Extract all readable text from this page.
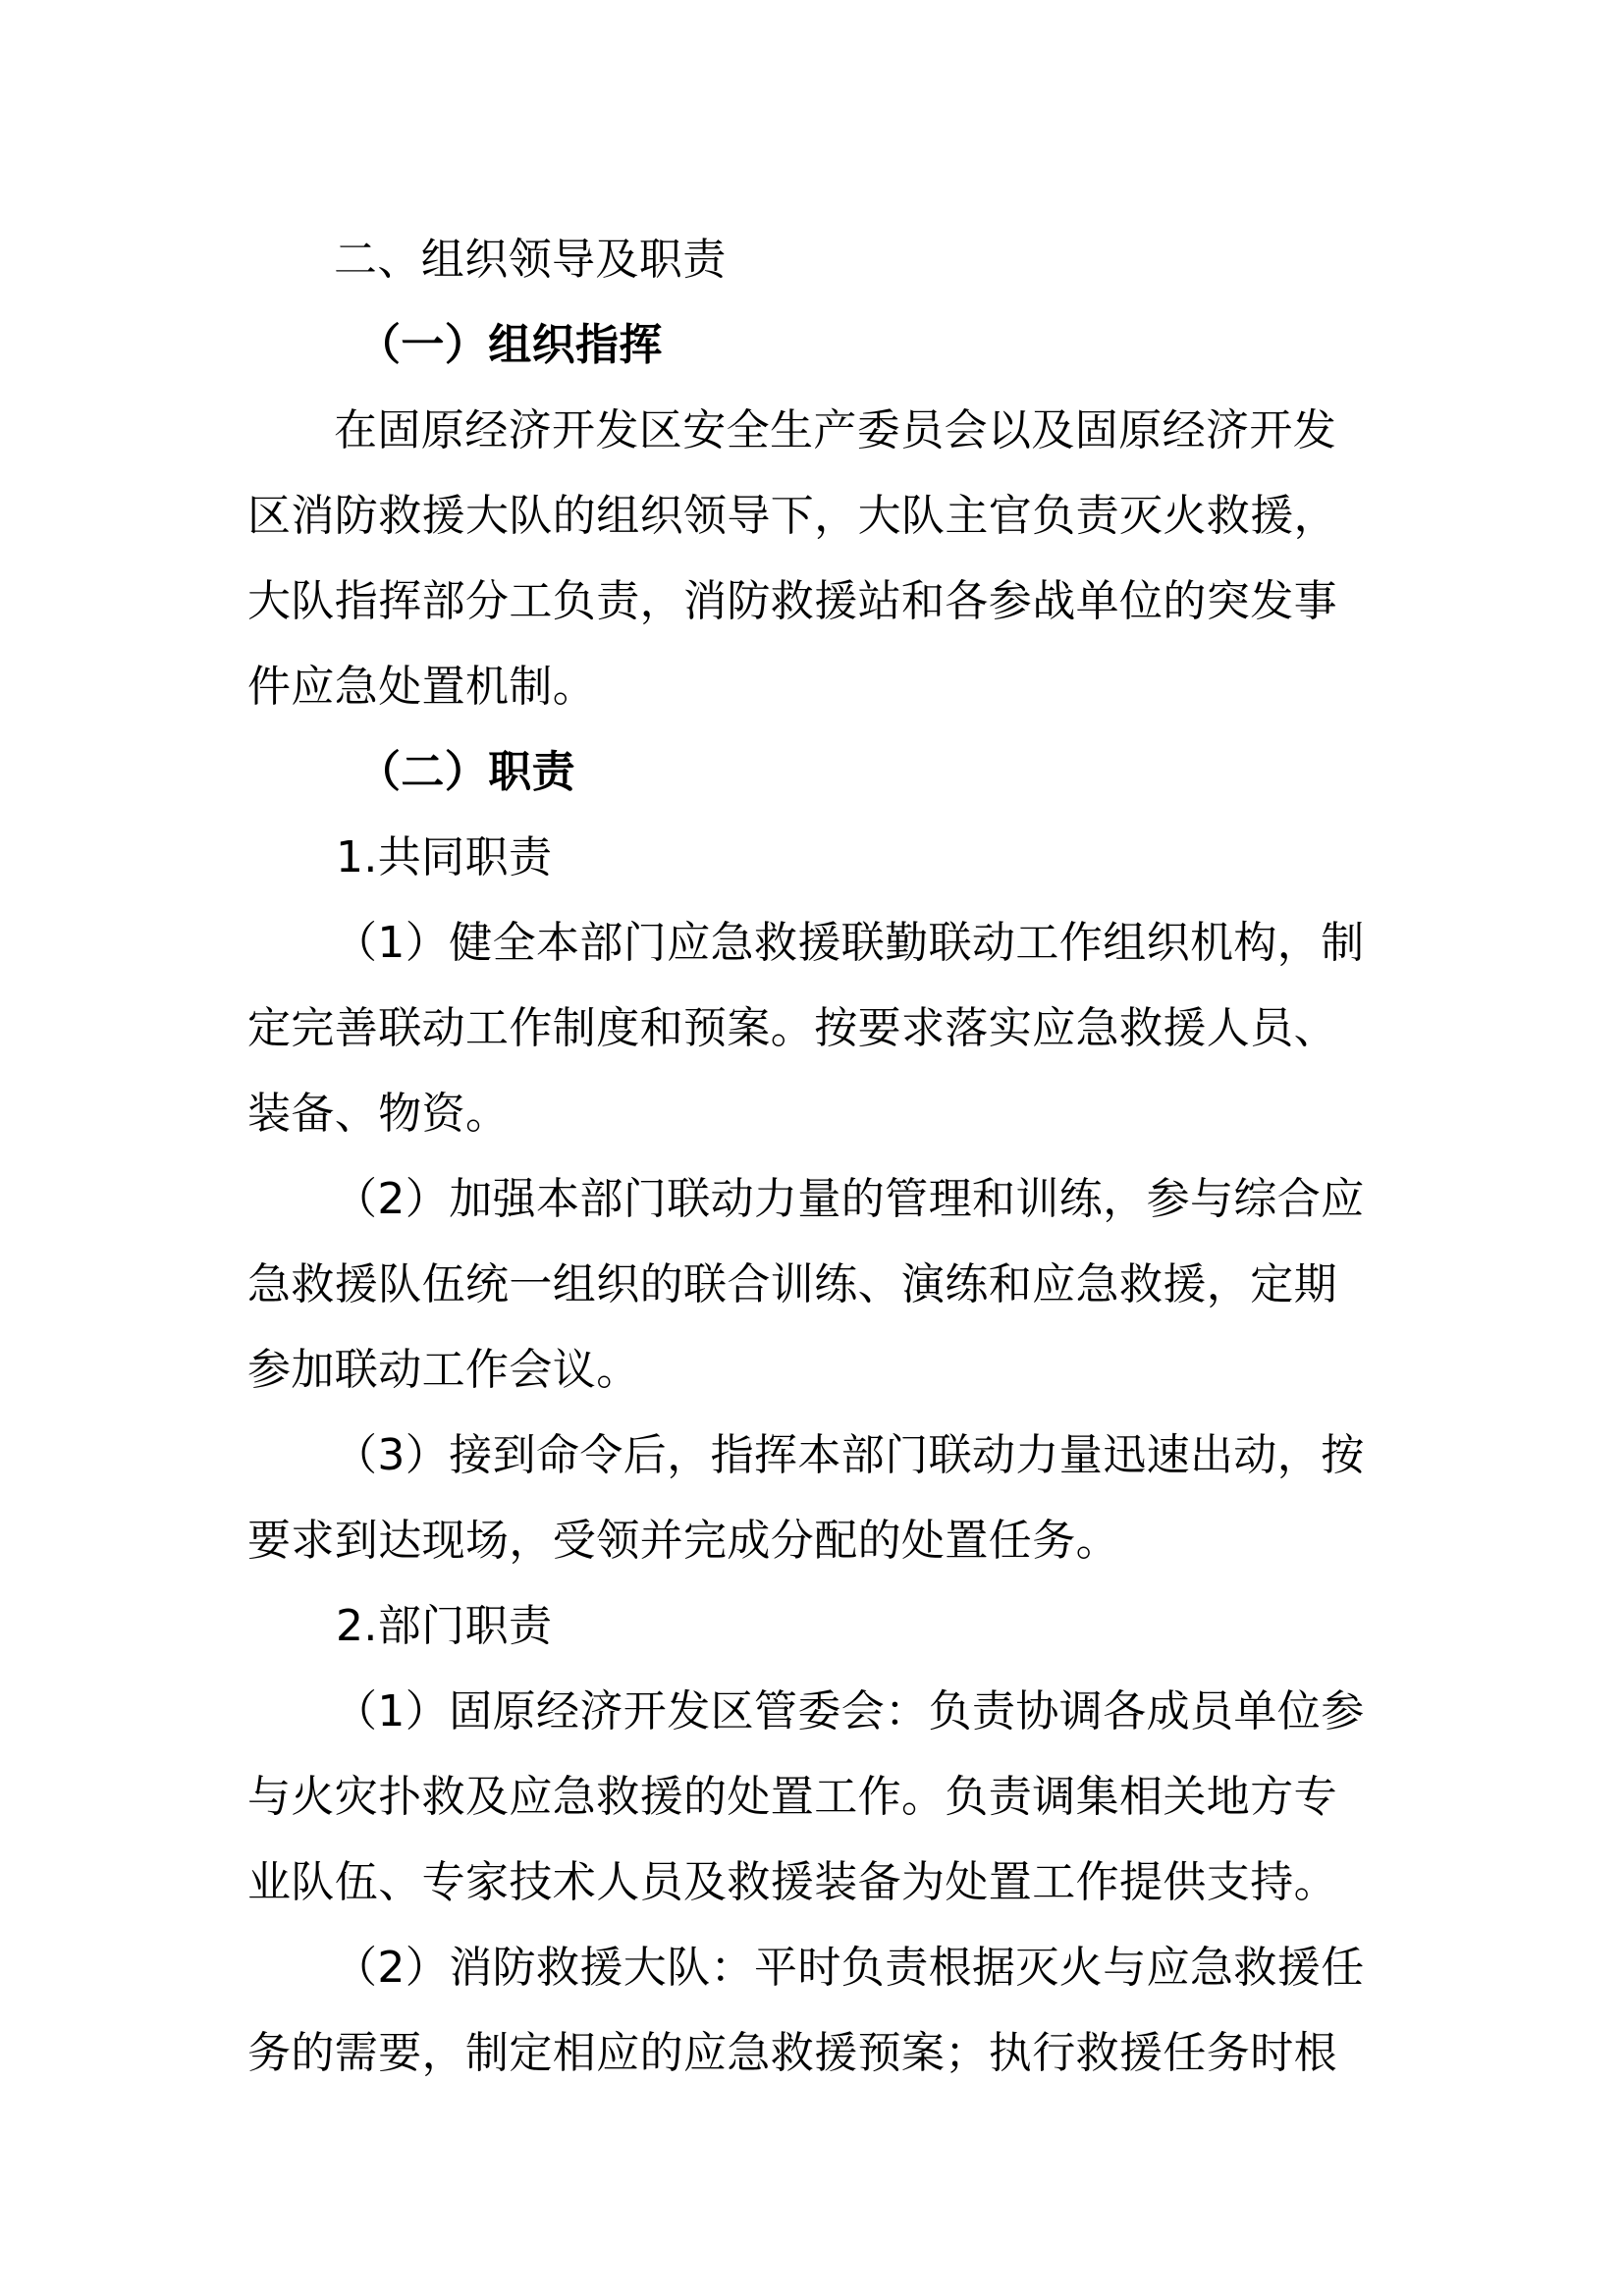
二、组织领导及职责
（一）组织指挥
在固原经济开发区安全生产委员会以及固原经济开发
区消防救援大队的组织领导下，大队主官负责灭火救援，
大队指挥部分工负责，消防救援站和各参战单位的突发事
件应急处置机制。
（二）职责
1.共同职责
（1）健全本部门应急救援联勤联动工作组织机构，制
定完善联动工作制度和预案。按要求落实应急救援人员、
装备、物资。
（2）加强本部门联动力量的管理和训练，参与综合应
急救援队伍统一组织的联合训练、演练和应急救援，定期
参加联动工作会议。
（3）接到命令后，指挥本部门联动力量迅速出动，按
要求到达现场，受领并完成分配的处置任务。
2.部门职责
（1）固原经济开发区管委会：负责协调各成员单位参
与火灾扑救及应急救援的处置工作。负责调集相关地方专
业队伍、专家技术人员及救援装备为处置工作提供支持。
（2）消防救援大队：平时负责根据灭火与应急救援任
务的需要，制定相应的应急救援预案；执行救援任务时根
